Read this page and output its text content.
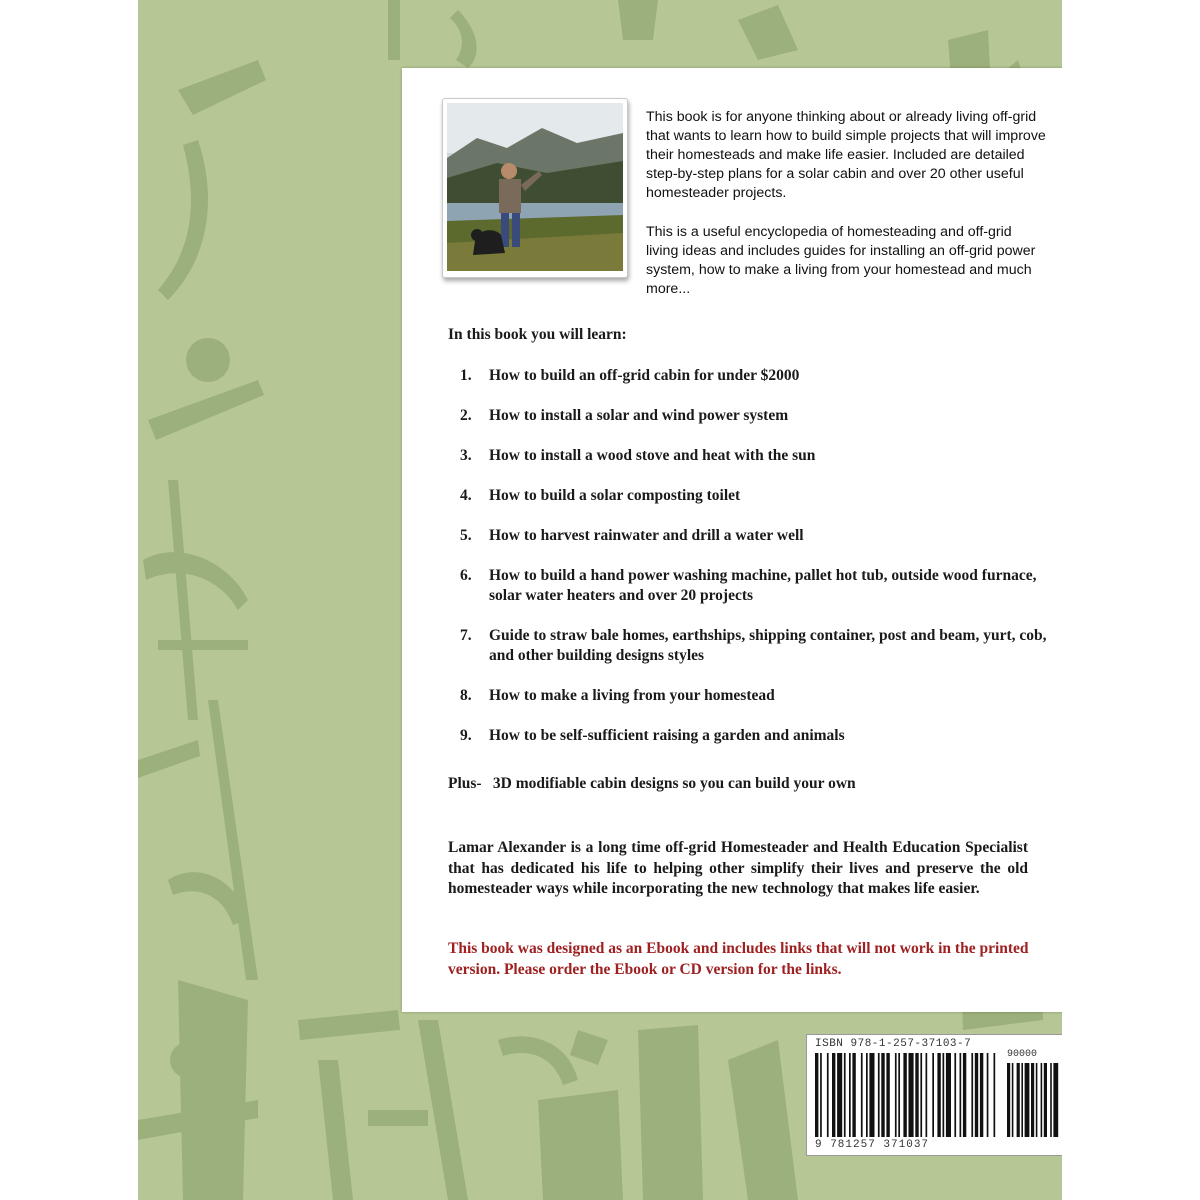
This book is for anyone thinking about or already living off-grid that wants to learn how to build simple projects that will improve their homesteads and make life easier. Included are detailed step-by-step plans for a solar cabin and over 20 other useful homesteader projects.

This is a useful encyclopedia of homesteading and off-grid living ideas and includes guides for installing an off-grid power system, how to make a living from your homestead and much more...

In this book you will learn:
1. How to build an off-grid cabin for under $2000
2. How to install a solar and wind power system
3. How to install a wood stove and heat with the sun
4. How to build a solar composting toilet
5. How to harvest rainwater and drill a water well
6. How to build a hand power washing machine, pallet hot tub, outside wood furnace, solar water heaters and over 20 projects
7. Guide to straw bale homes, earthships, shipping container, post and beam, yurt, cob, and other building designs styles
8. How to make a living from your homestead
9. How to be self-sufficient raising a garden and animals
Plus- 3D modifiable cabin designs so you can build your own

Lamar Alexander is a long time off-grid Homesteader and Health Education Specialist that has dedicated his life to helping other simplify their lives and preserve the old homesteader ways while incorporating the new technology that makes life easier.

This book was designed as an Ebook and includes links that will not work in the printed version. Please order the Ebook or CD version for the links.

ISBN 978-1-257-37103-7
90000
9 781257 371037
